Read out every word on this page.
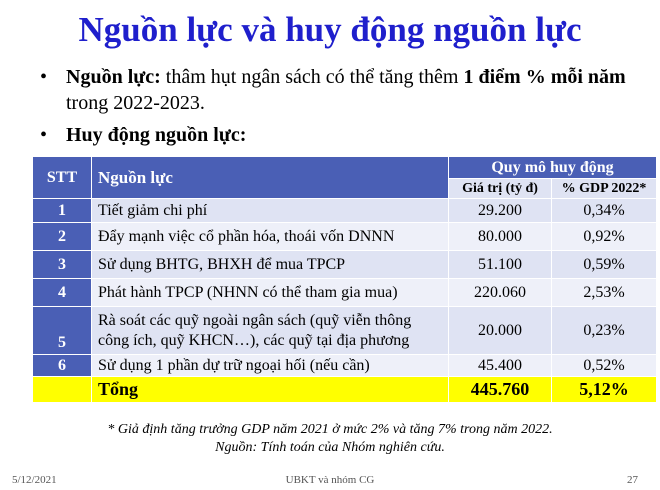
Nguồn lực và huy động nguồn lực
• Nguồn lực: thâm hụt ngân sách có thể tăng thêm 1 điểm % mỗi năm trong 2022-2023.
• Huy động nguồn lực:
STT	Nguồn lực	Quy mô huy động	
		Giá trị (tỷ đ)	% GDP 2022*
1	Tiết giảm chi phí	29.200	0,34%
2	Đẩy mạnh việc cổ phần hóa, thoái vốn DNNN	80.000	0,92%
3	Sử dụng BHTG, BHXH để mua TPCP	51.100	0,59%
4	Phát hành TPCP (NHNN có thể tham gia mua)	220.060	2,53%
5	Rà soát các quỹ ngoài ngân sách (quỹ viễn thông công ích, quỹ KHCN…), các quỹ tại địa phương	20.000	0,23%
6	Sử dụng 1 phần dự trữ ngoại hối (nếu cần)	45.400	0,52%
	Tổng	445.760	5,12%
* Giả định tăng trưởng GDP năm 2021 ở mức 2% và tăng 7% trong năm 2022.
Nguồn: Tính toán của Nhóm nghiên cứu.
5/12/2021	UBKT và nhóm CG	27
